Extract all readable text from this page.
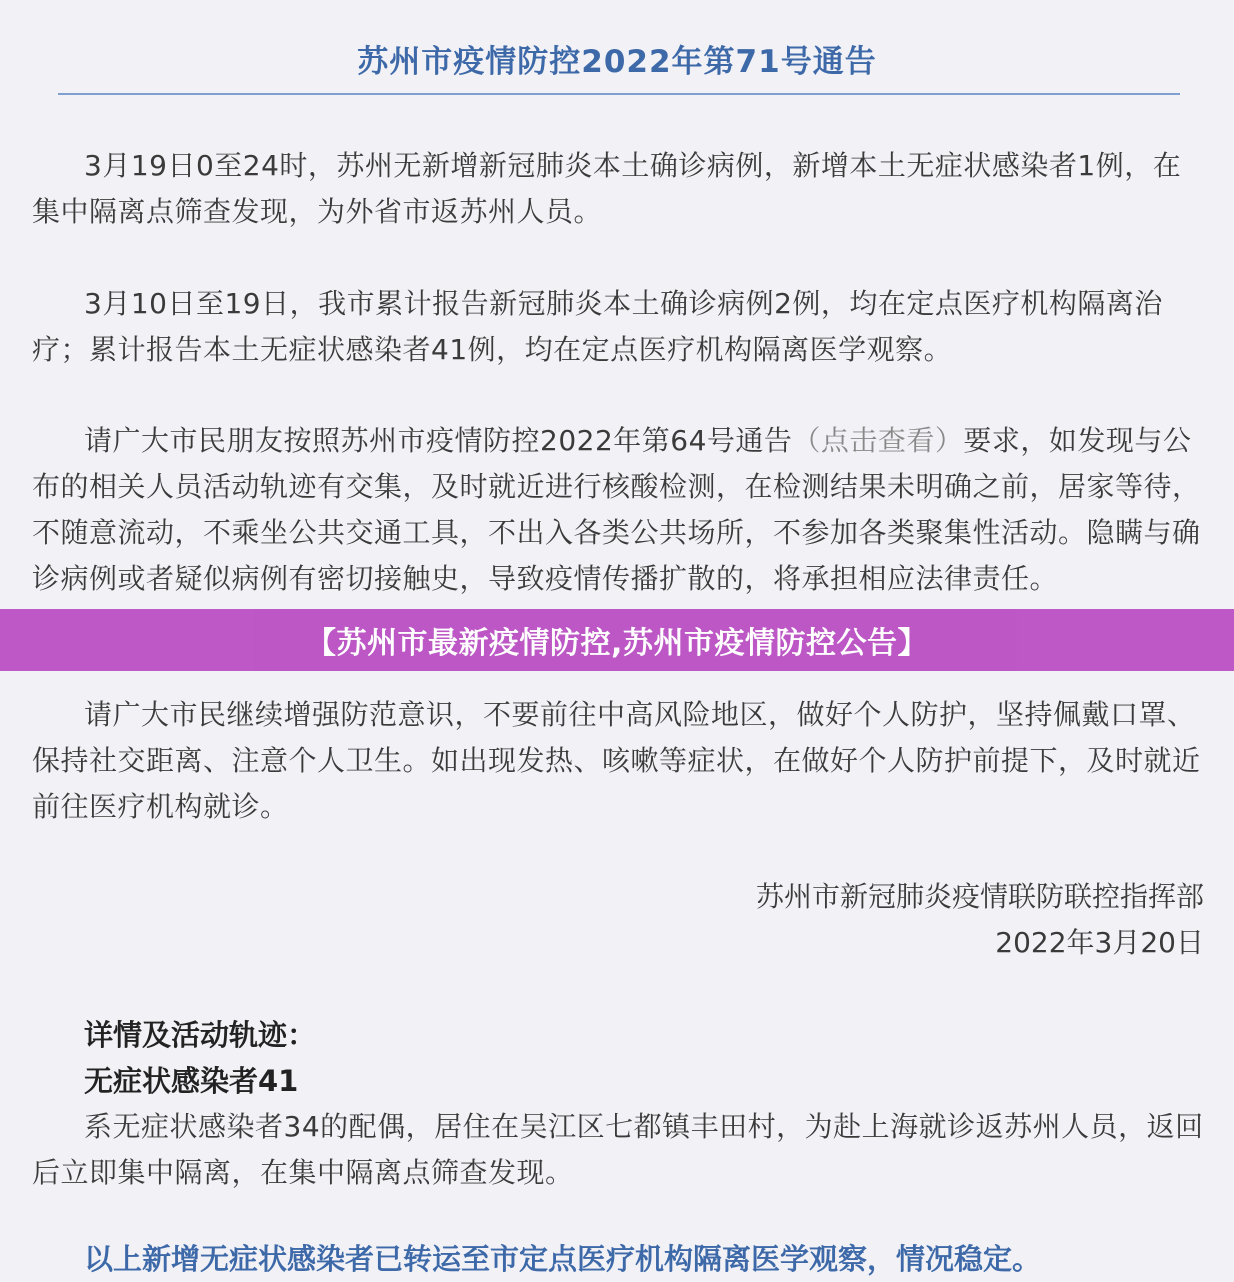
苏州市疫情防控2022年第71号通告
3月19日0至24时，苏州无新增新冠肺炎本土确诊病例，新增本土无症状感染者1例，在集中隔离点筛查发现，为外省市返苏州人员。
3月10日至19日，我市累计报告新冠肺炎本土确诊病例2例，均在定点医疗机构隔离治疗；累计报告本土无症状感染者41例，均在定点医疗机构隔离医学观察。
请广大市民朋友按照苏州市疫情防控2022年第64号通告（点击查看）要求，如发现与公布的相关人员活动轨迹有交集，及时就近进行核酸检测，在检测结果未明确之前，居家等待，不随意流动，不乘坐公共交通工具，不出入各类公共场所，不参加各类聚集性活动。隐瞒与确诊病例或者疑似病例有密切接触史，导致疫情传播扩散的，将承担相应法律责任。
请广大市民继续增强防范意识，不要前往中高风险地区，做好个人防护，坚持佩戴口罩、保持社交距离、注意个人卫生。如出现发热、咳嗽等症状，在做好个人防护前提下，及时就近前往医疗机构就诊。
苏州市新冠肺炎疫情联防联控指挥部
2022年3月20日
详情及活动轨迹：
无症状感染者41
系无症状感染者34的配偶，居住在吴江区七都镇丰田村，为赴上海就诊返苏州人员，返回后立即集中隔离，在集中隔离点筛查发现。
以上新增无症状感染者已转运至市定点医疗机构隔离医学观察，情况稳定。
【苏州市最新疫情防控,苏州市疫情防控公告】
